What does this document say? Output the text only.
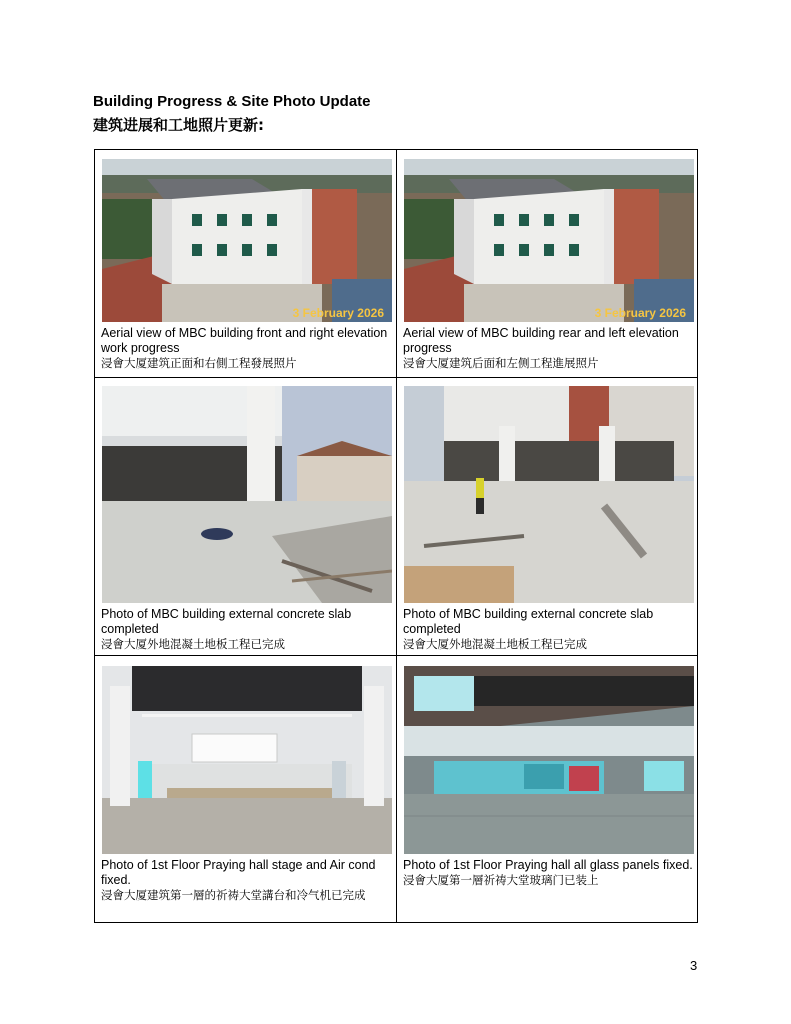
Building Progress & Site Photo Update
建筑进展和工地照片更新:
3 February 2026
Aerial view of MBC building front and right elevation work progress
浸會大厦建筑正面和右側工程發展照片
3 February 2026
Aerial view of MBC building rear and left elevation progress
浸會大厦建筑后面和左侧工程進展照片
Photo of MBC building external concrete slab completed
浸會大厦外地混凝土地板工程已完成
Photo of MBC building external concrete slab completed
浸會大厦外地混凝土地板工程已完成
Photo of 1st Floor Praying hall stage and Air cond fixed.
浸會大厦建筑第一層的祈祷大堂講台和冷气机已完成
Photo of 1st Floor Praying hall all glass panels fixed.
浸會大厦第一層祈祷大堂玻璃门已装上
3
